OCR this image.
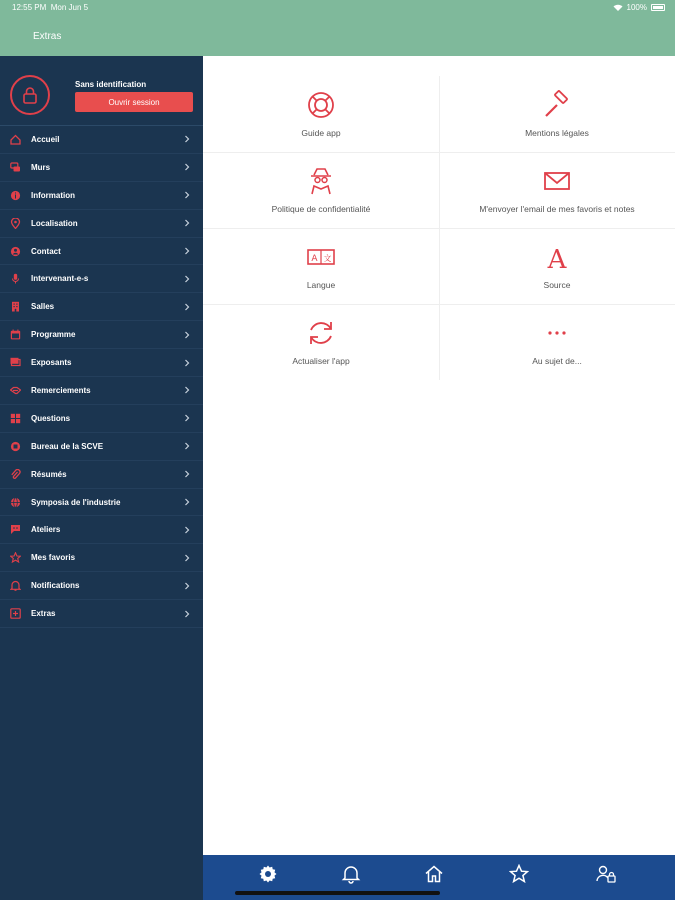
12:55 PM Mon Jun 5	100%
Extras
Sans identification
Ouvrir session
Accueil
Murs
Information
Localisation
Contact
Intervenant-e-s
Salles
Programme
Exposants
Remerciements
Questions
Bureau de la SCVE
Résumés
Symposia de l'industrie
Ateliers
Mes favoris
Notifications
Extras
Guide app	Mentions légales
Politique de confidentialité	M'envoyer l'email de mes favoris et notes
A 文
Langue
A
Source
Actualiser l'app	Au sujet de...
